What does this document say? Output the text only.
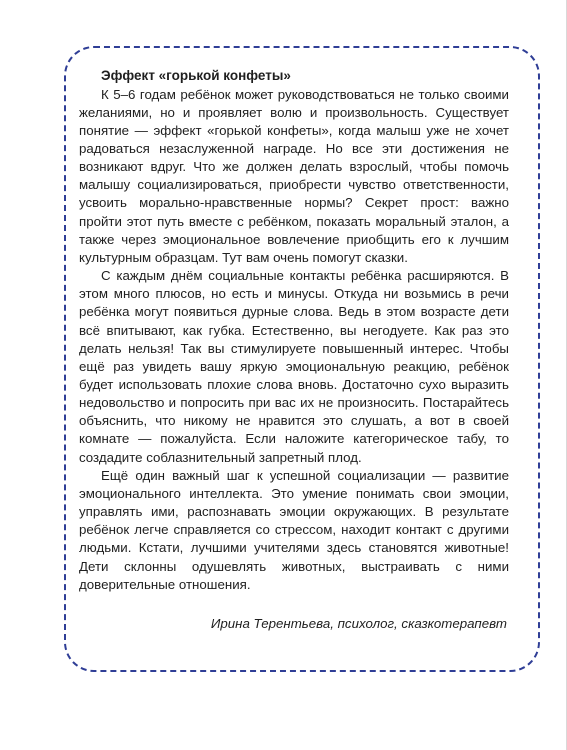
Эффект «горькой конфеты»

К 5–6 годам ребёнок может руководствоваться не только своими желаниями, но и проявляет волю и произвольность. Существует понятие — эффект «горькой конфеты», когда малыш уже не хочет радоваться незаслуженной награде. Но все эти достижения не возникают вдруг. Что же должен делать взрослый, чтобы помочь малышу социализироваться, приобрести чувство ответственности, усвоить морально-нравственные нормы? Секрет прост: важно пройти этот путь вместе с ребёнком, показать моральный эталон, а также через эмоциональное вовлечение приобщить его к лучшим культурным образцам. Тут вам очень помогут сказки.

С каждым днём социальные контакты ребёнка расширяются. В этом много плюсов, но есть и минусы. Откуда ни возьмись в речи ребёнка могут появиться дурные слова. Ведь в этом возрасте дети всё впитывают, как губка. Естественно, вы негодуете. Как раз это делать нельзя! Так вы стимулируете повышенный интерес. Чтобы ещё раз увидеть вашу яркую эмоциональную реакцию, ребёнок будет использовать плохие слова вновь. Достаточно сухо выразить недовольство и попросить при вас их не произносить. Постарайтесь объяснить, что никому не нравится это слушать, а вот в своей комнате — пожалуйста. Если наложите категорическое табу, то создадите соблазнительный запретный плод.

Ещё один важный шаг к успешной социализации — развитие эмоционального интеллекта. Это умение понимать свои эмоции, управлять ими, распознавать эмоции окружающих. В результате ребёнок легче справляется со стрессом, находит контакт с другими людьми. Кстати, лучшими учителями здесь становятся животные! Дети склонны одушевлять животных, выстраивать с ними доверительные отношения.

Ирина Терентьева, психолог, сказкотерапевт
